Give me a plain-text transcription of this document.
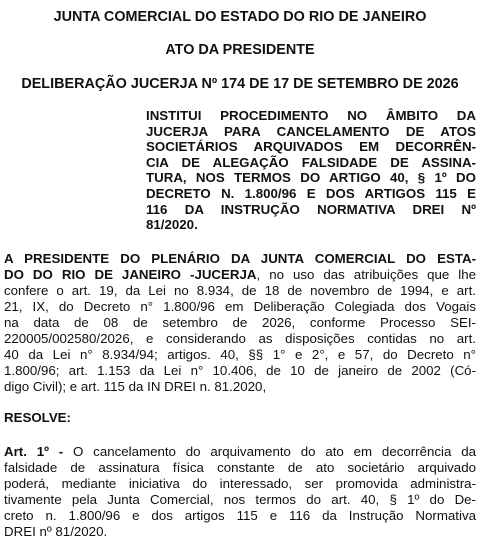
JUNTA COMERCIAL DO ESTADO DO RIO DE JANEIRO
ATO DA PRESIDENTE
DELIBERAÇÃO JUCERJA Nº 174 DE 17 DE SETEMBRO DE 2026
INSTITUI PROCEDIMENTO NO ÂMBITO DA
JUCERJA PARA CANCELAMENTO DE ATOS
SOCIETÁRIOS ARQUIVADOS EM DECORRÊN-
CIA DE ALEGAÇÃO FALSIDADE DE ASSINA-
TURA, NOS TERMOS DO ARTIGO 40, § 1º DO
DECRETO N. 1.800/96 E DOS ARTIGOS 115 E
116 DA INSTRUÇÃO NORMATIVA DREI Nº
81/2020.
A PRESIDENTE DO PLENÁRIO DA JUNTA COMERCIAL DO ESTA-
DO DO RIO DE JANEIRO -JUCERJA, no uso das atribuições que lhe
confere o art. 19, da Lei no 8.934, de 18 de novembro de 1994, e art.
21, IX, do Decreto n° 1.800/96 em Deliberação Colegiada dos Vogais
na data de 08 de setembro de 2026, conforme Processo SEI-
220005/002580/2026, e considerando as disposições contidas no art.
40 da Lei n° 8.934/94; artigos. 40, §§ 1° e 2°, e 57, do Decreto n°
1.800/96; art. 1.153 da Lei n° 10.406, de 10 de janeiro de 2002 (Có-
digo Civil); e art. 115 da IN DREI n. 81.2020,
RESOLVE:
Art. 1º - O cancelamento do arquivamento do ato em decorrência da
falsidade de assinatura física constante de ato societário arquivado
poderá, mediante iniciativa do interessado, ser promovida administra-
tivamente pela Junta Comercial, nos termos do art. 40, § 1º do De-
creto n. 1.800/96 e dos artigos 115 e 116 da Instrução Normativa
DREI nº 81/2020.
